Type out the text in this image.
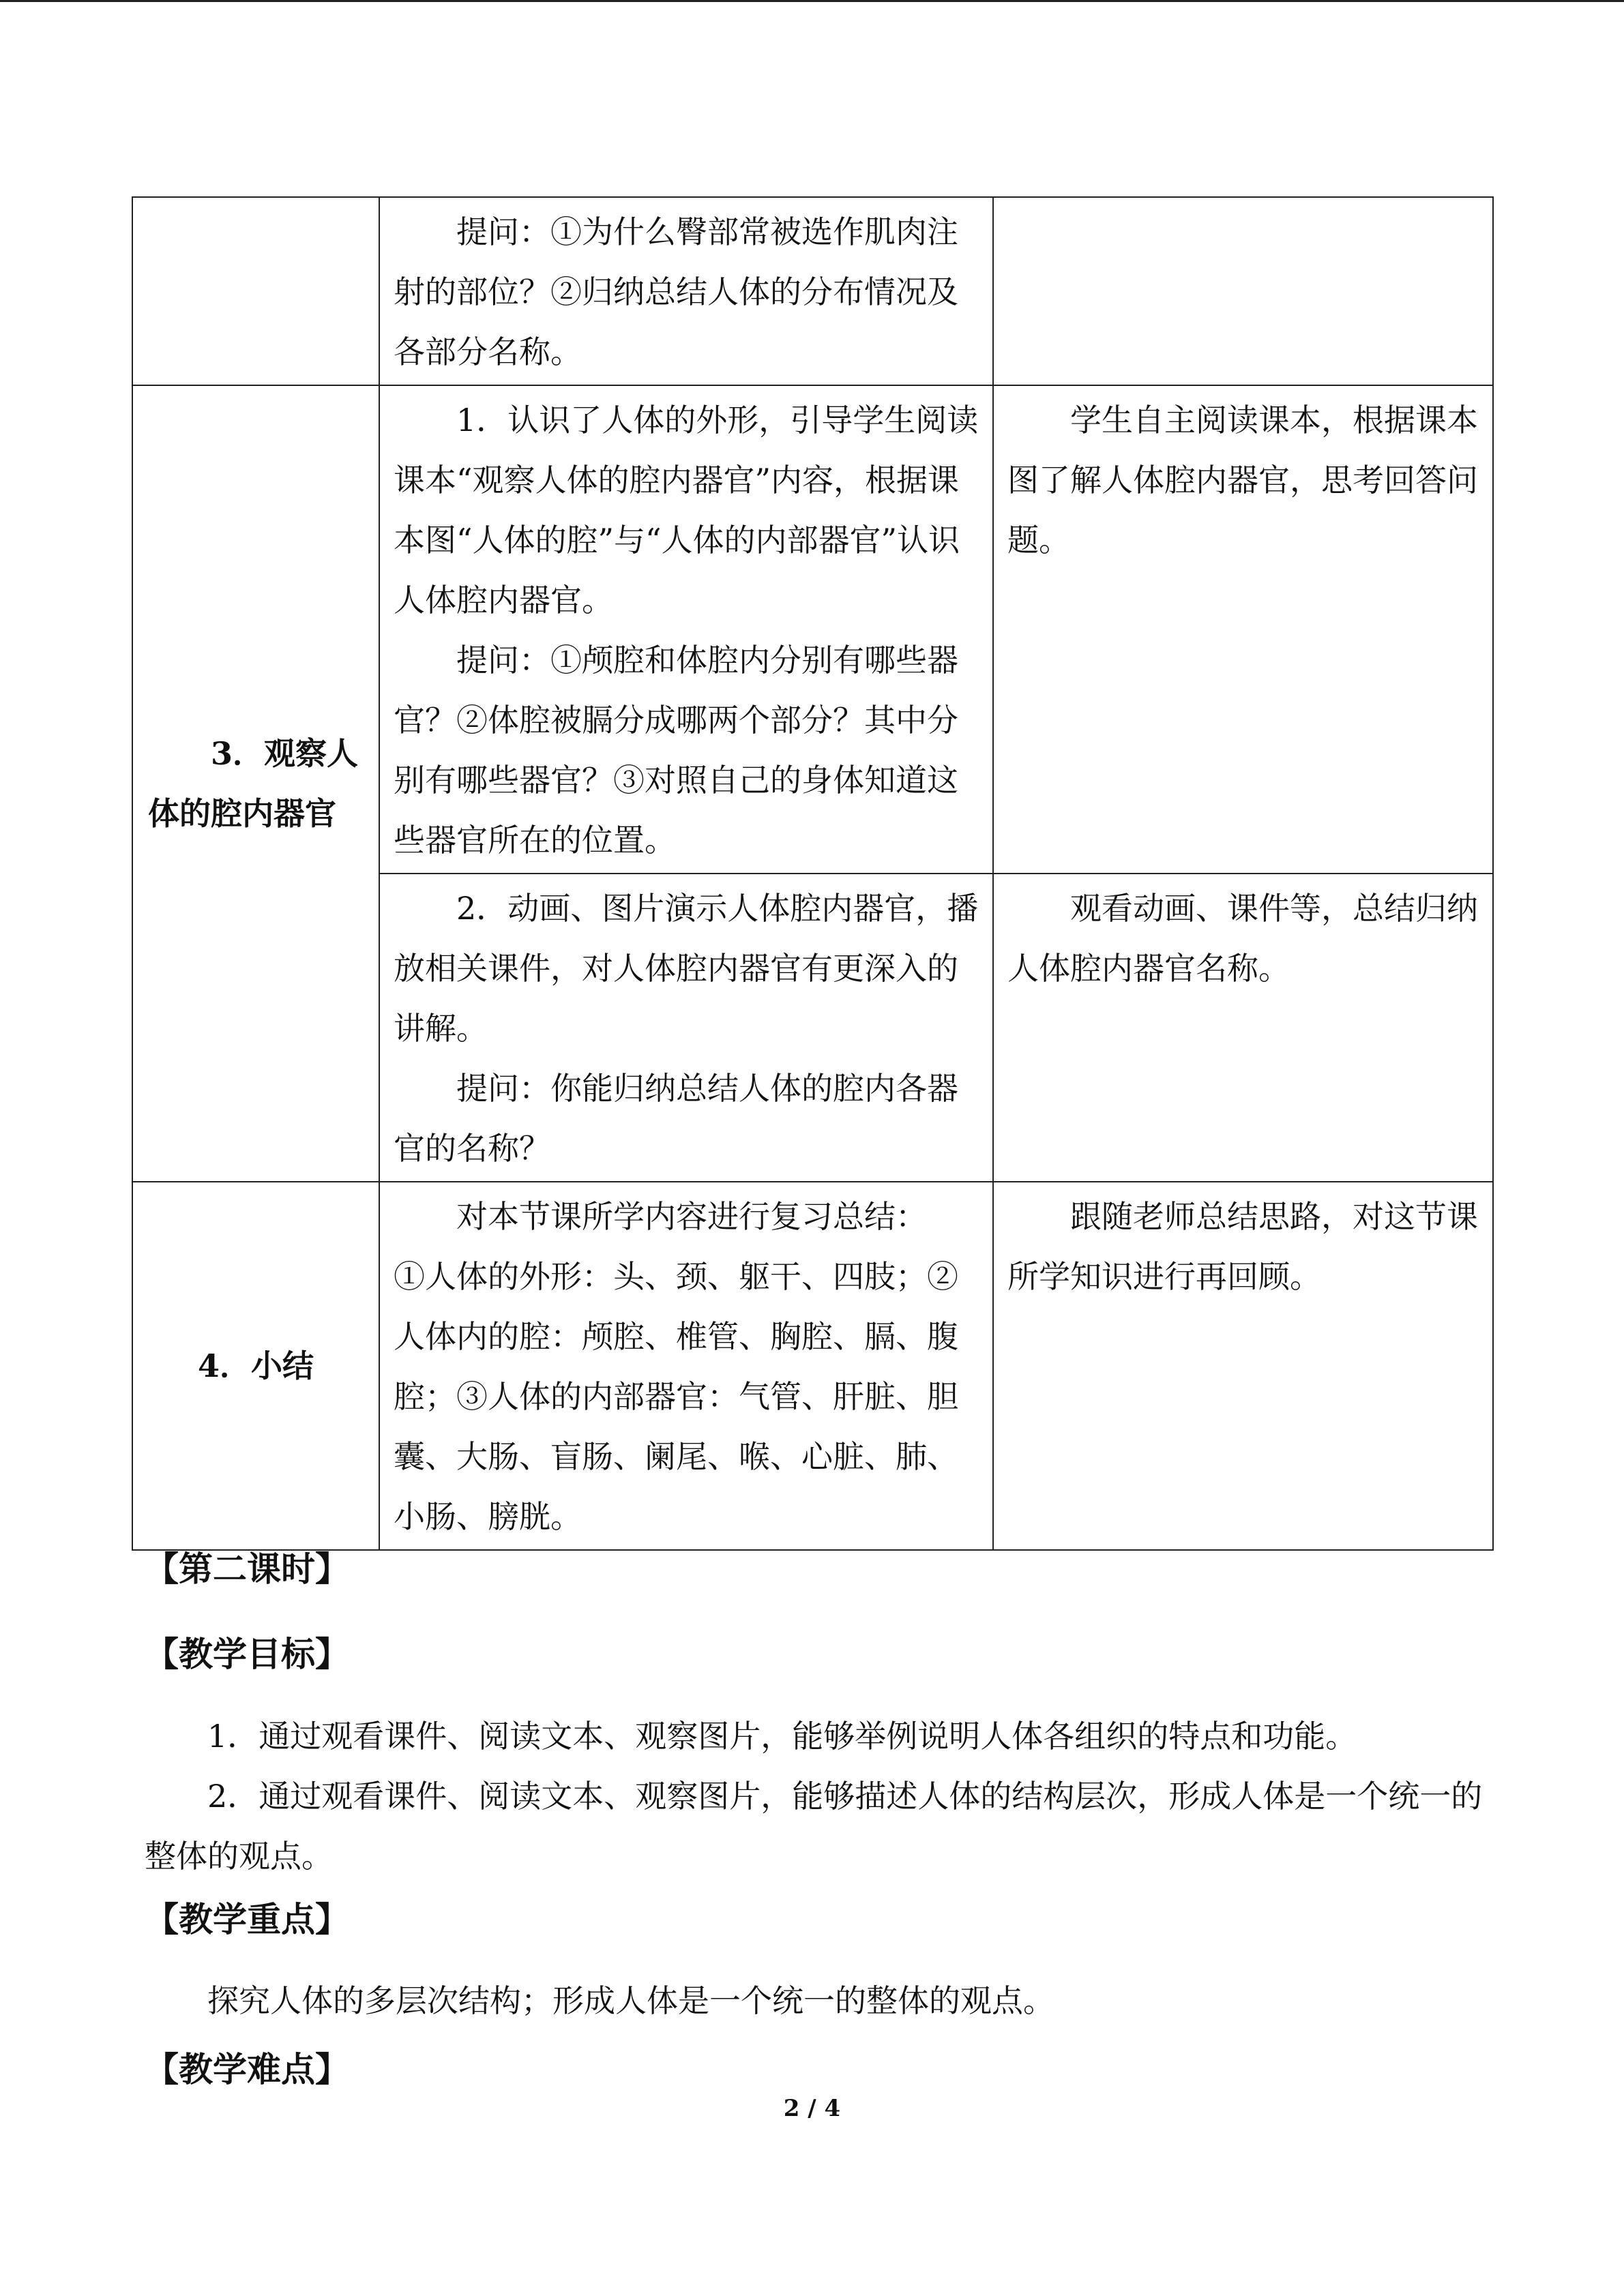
	提问：①为什么臀部常被选作肌肉注射的部位？②归纳总结人体的分布情况及各部分名称。	

3．观察人体的腔内器官	1．认识了人体的外形，引导学生阅读课本“观察人体的腔内器官”内容，根据课本图“人体的腔”与“人体的内部器官”认识人体腔内器官。

提问：①颅腔和体腔内分别有哪些器官？②体腔被膈分成哪两个部分？其中分别有哪些器官？③对照自己的身体知道这些器官所在的位置。	学生自主阅读课本，根据课本图了解人体腔内器官，思考回答问题。

	2．动画、图片演示人体腔内器官，播放相关课件，对人体腔内器官有更深入的讲解。

提问：你能归纳总结人体的腔内各器官的名称？	观看动画、课件等，总结归纳人体腔内器官名称。

4．小结	对本节课所学内容进行复习总结：

①人体的外形：头、颈、躯干、四肢；②人体内的腔：颅腔、椎管、胸腔、膈、腹腔；③人体的内部器官：气管、肝脏、胆囊、大肠、盲肠、阑尾、喉、心脏、肺、小肠、膀胱。	跟随老师总结思路，对这节课所学知识进行再回顾。

【第二课时】

【教学目标】

1．通过观看课件、阅读文本、观察图片，能够举例说明人体各组织的特点和功能。

2．通过观看课件、阅读文本、观察图片，能够描述人体的结构层次，形成人体是一个统一的整体的观点。

【教学重点】

探究人体的多层次结构；形成人体是一个统一的整体的观点。

【教学难点】

2 / 4
